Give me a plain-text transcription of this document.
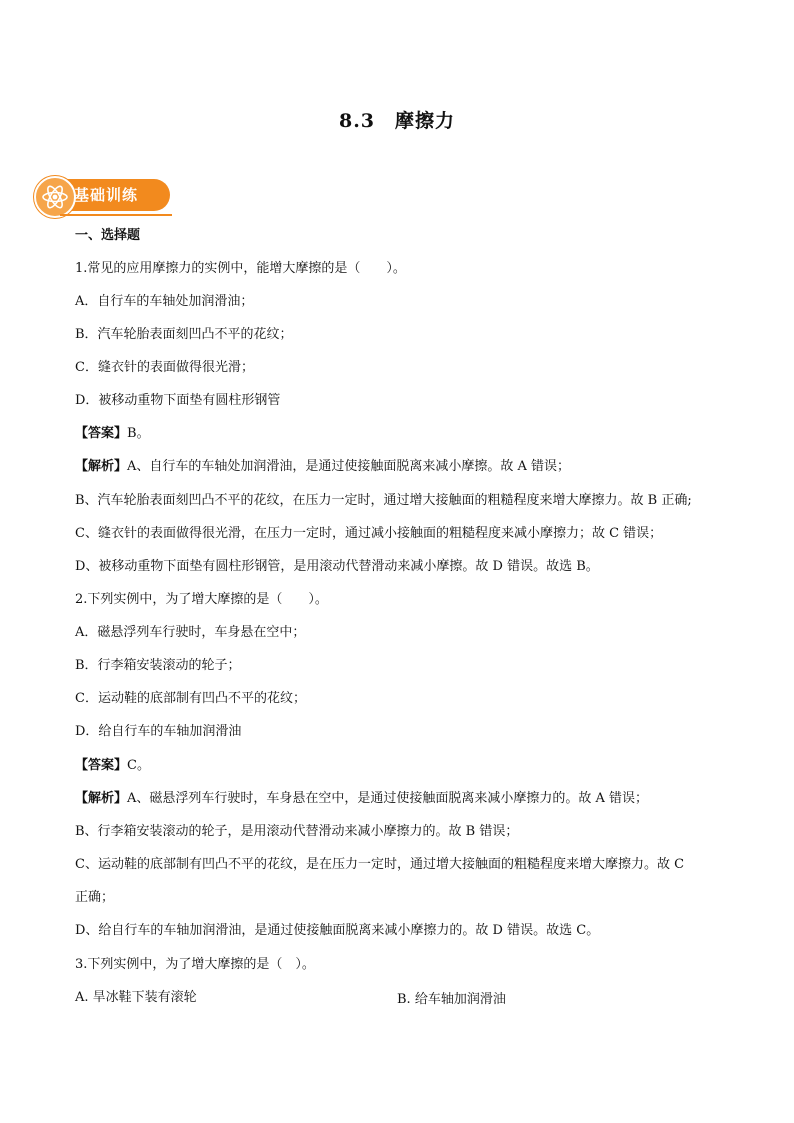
8.3　摩擦力
基础训练
一、选择题
1.常见的应用摩擦力的实例中，能增大摩擦的是（　　）。
A．自行车的车轴处加润滑油；
B．汽车轮胎表面刻凹凸不平的花纹；
C．缝衣针的表面做得很光滑；
D．被移动重物下面垫有圆柱形钢管
【答案】B。
【解析】A、自行车的车轴处加润滑油，是通过使接触面脱离来减小摩擦。故 A 错误；
B、汽车轮胎表面刻凹凸不平的花纹，在压力一定时，通过增大接触面的粗糙程度来增大摩擦力。故 B 正确;
C、缝衣针的表面做得很光滑，在压力一定时，通过减小接触面的粗糙程度来减小摩擦力；故 C 错误；
D、被移动重物下面垫有圆柱形钢管，是用滚动代替滑动来减小摩擦。故 D 错误。故选 B。
2.下列实例中，为了增大摩擦的是（　　）。
A．磁悬浮列车行驶时，车身悬在空中；
B．行李箱安装滚动的轮子；
C．运动鞋的底部制有凹凸不平的花纹；
D．给自行车的车轴加润滑油
【答案】C。
【解析】A、磁悬浮列车行驶时，车身悬在空中，是通过使接触面脱离来减小摩擦力的。故 A 错误；
B、行李箱安装滚动的轮子，是用滚动代替滑动来减小摩擦力的。故 B 错误；
C、运动鞋的底部制有凹凸不平的花纹，是在压力一定时，通过增大接触面的粗糙程度来增大摩擦力。故 C
正确；
D、给自行车的车轴加润滑油，是通过使接触面脱离来减小摩擦力的。故 D 错误。故选 C。
3.下列实例中，为了增大摩擦的是（　）。
A. 旱冰鞋下装有滚轮	B. 给车轴加润滑油
